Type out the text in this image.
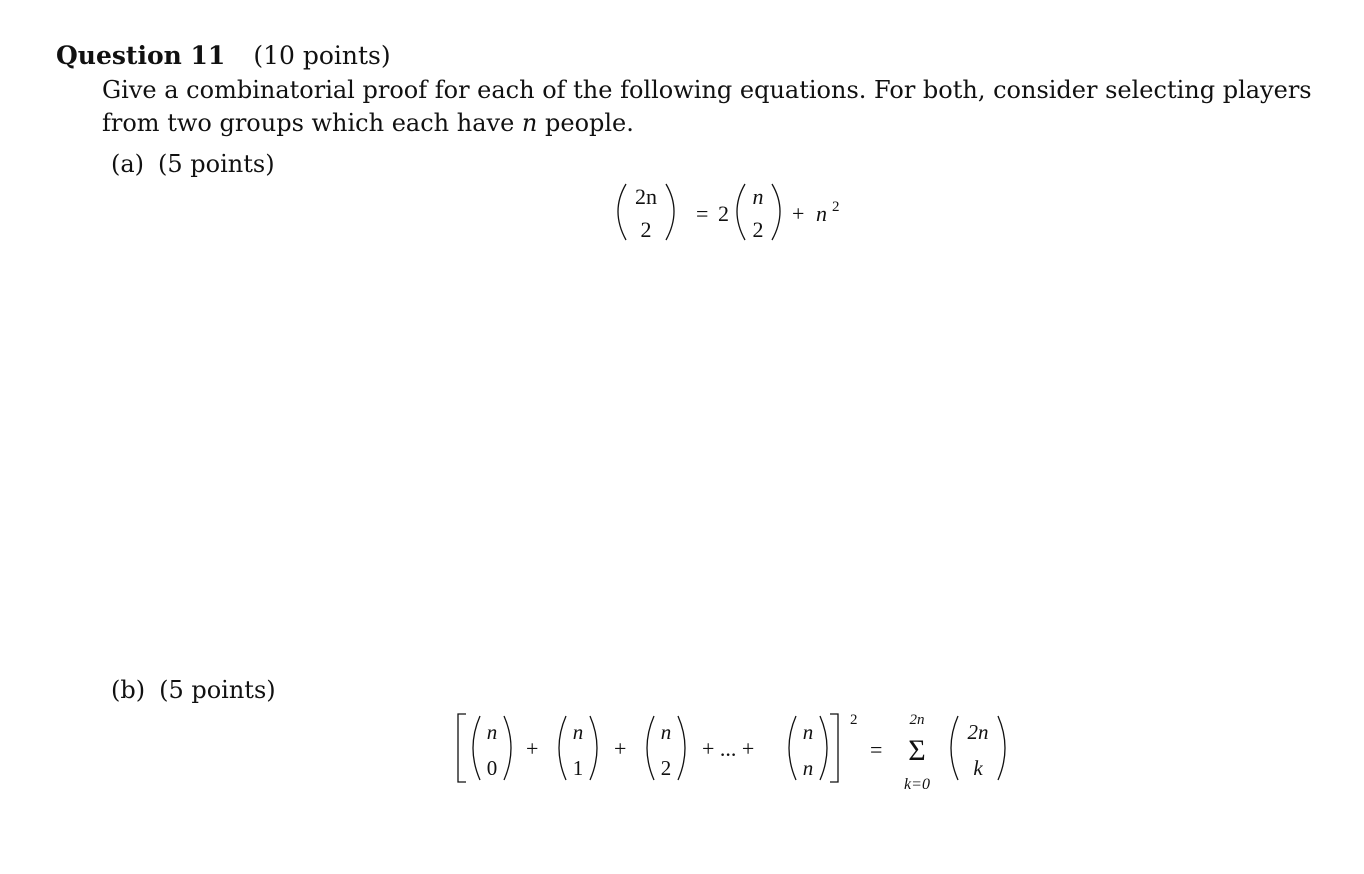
Question 11 (10 points)
Give a combinatorial proof for each of the following equations. For both, consider selecting players from two groups which each have n people.
(a) (5 points)
2n
2
= 2
n
2
+ n 2
(b) (5 points)
n
0
+
n
1
+
n
2
+ ... +
n
n
2
=
2n
Σ
k=0
2n
k
